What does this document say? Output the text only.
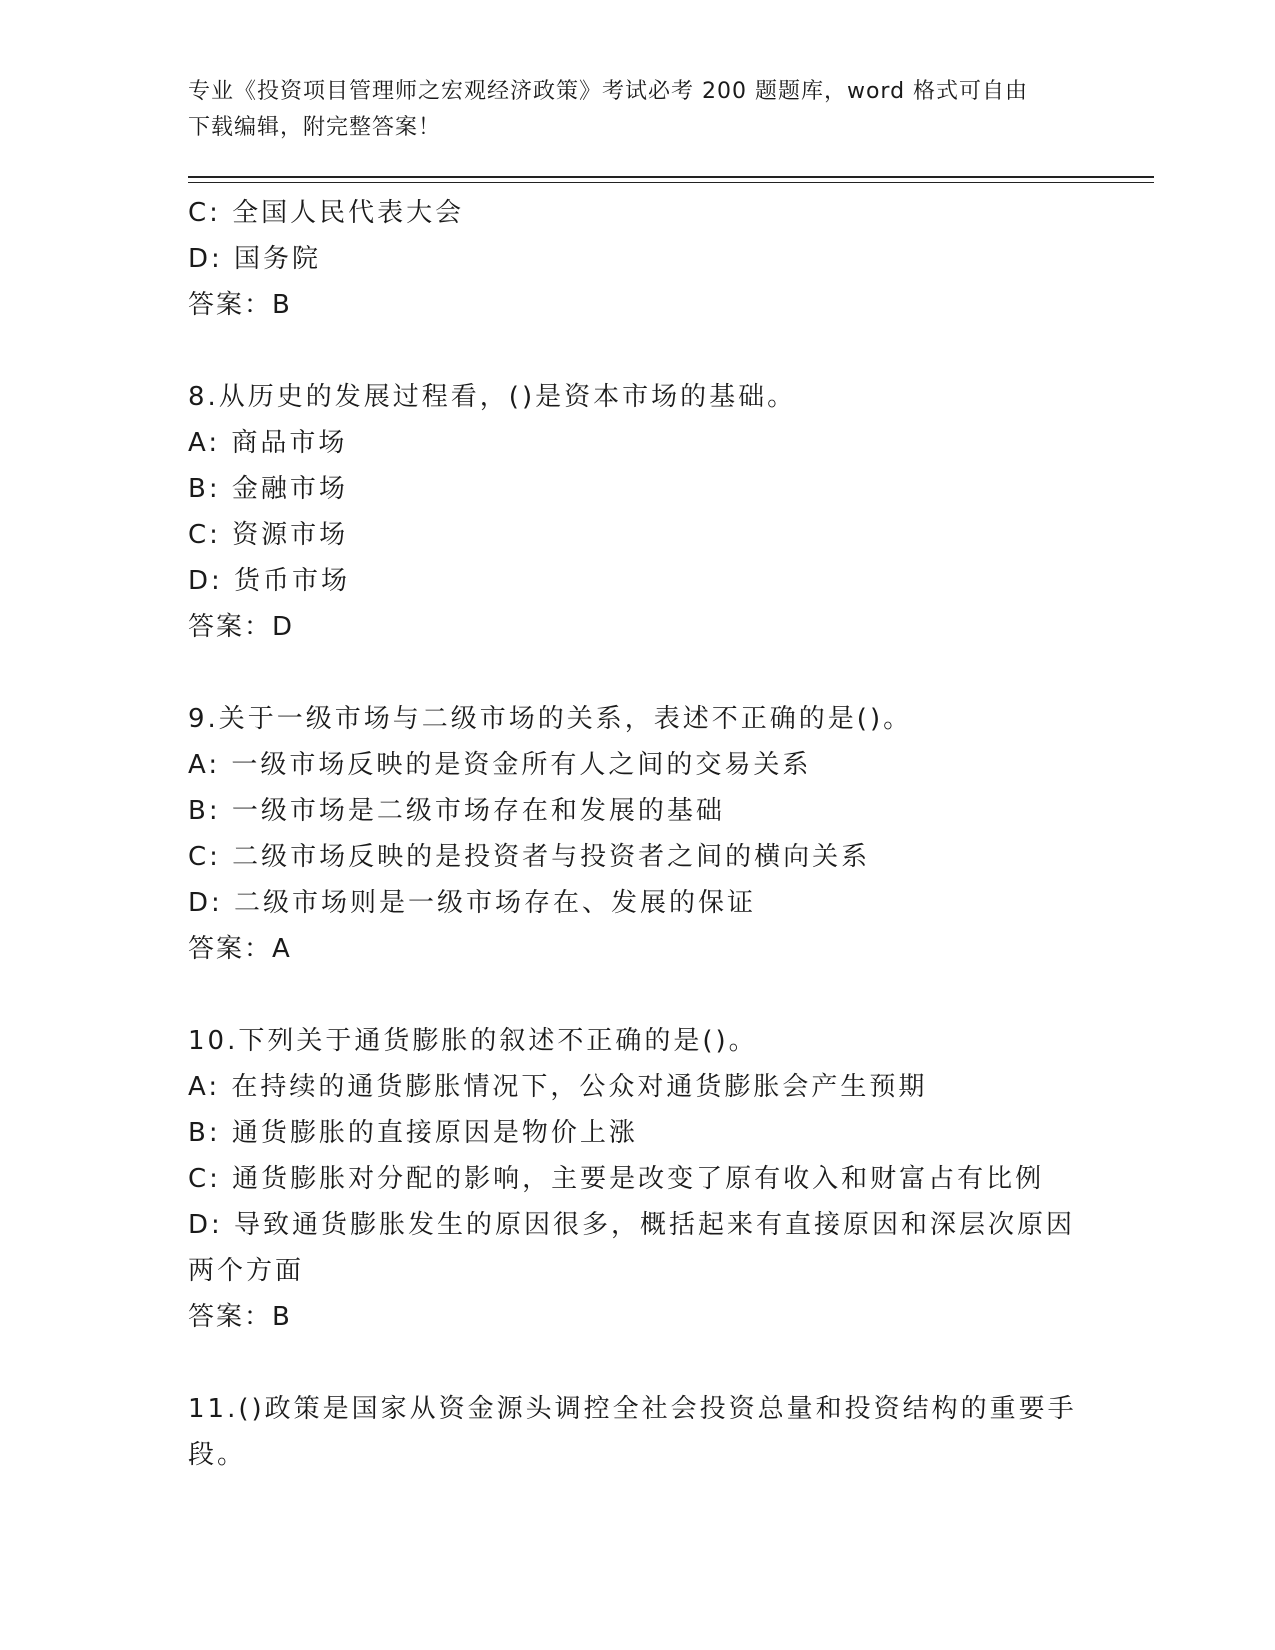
专业《投资项目管理师之宏观经济政策》考试必考 200 题题库，word 格式可自由
下载编辑，附完整答案！
C: 全国人民代表大会
D: 国务院
答案：B
8.从历史的发展过程看，()是资本市场的基础。
A: 商品市场
B: 金融市场
C: 资源市场
D: 货币市场
答案：D
9.关于一级市场与二级市场的关系，表述不正确的是()。
A: 一级市场反映的是资金所有人之间的交易关系
B: 一级市场是二级市场存在和发展的基础
C: 二级市场反映的是投资者与投资者之间的横向关系
D: 二级市场则是一级市场存在、发展的保证
答案：A
10.下列关于通货膨胀的叙述不正确的是()。
A: 在持续的通货膨胀情况下，公众对通货膨胀会产生预期
B: 通货膨胀的直接原因是物价上涨
C: 通货膨胀对分配的影响，主要是改变了原有收入和财富占有比例
D: 导致通货膨胀发生的原因很多，概括起来有直接原因和深层次原因
两个方面
答案：B
11.()政策是国家从资金源头调控全社会投资总量和投资结构的重要手
段。
